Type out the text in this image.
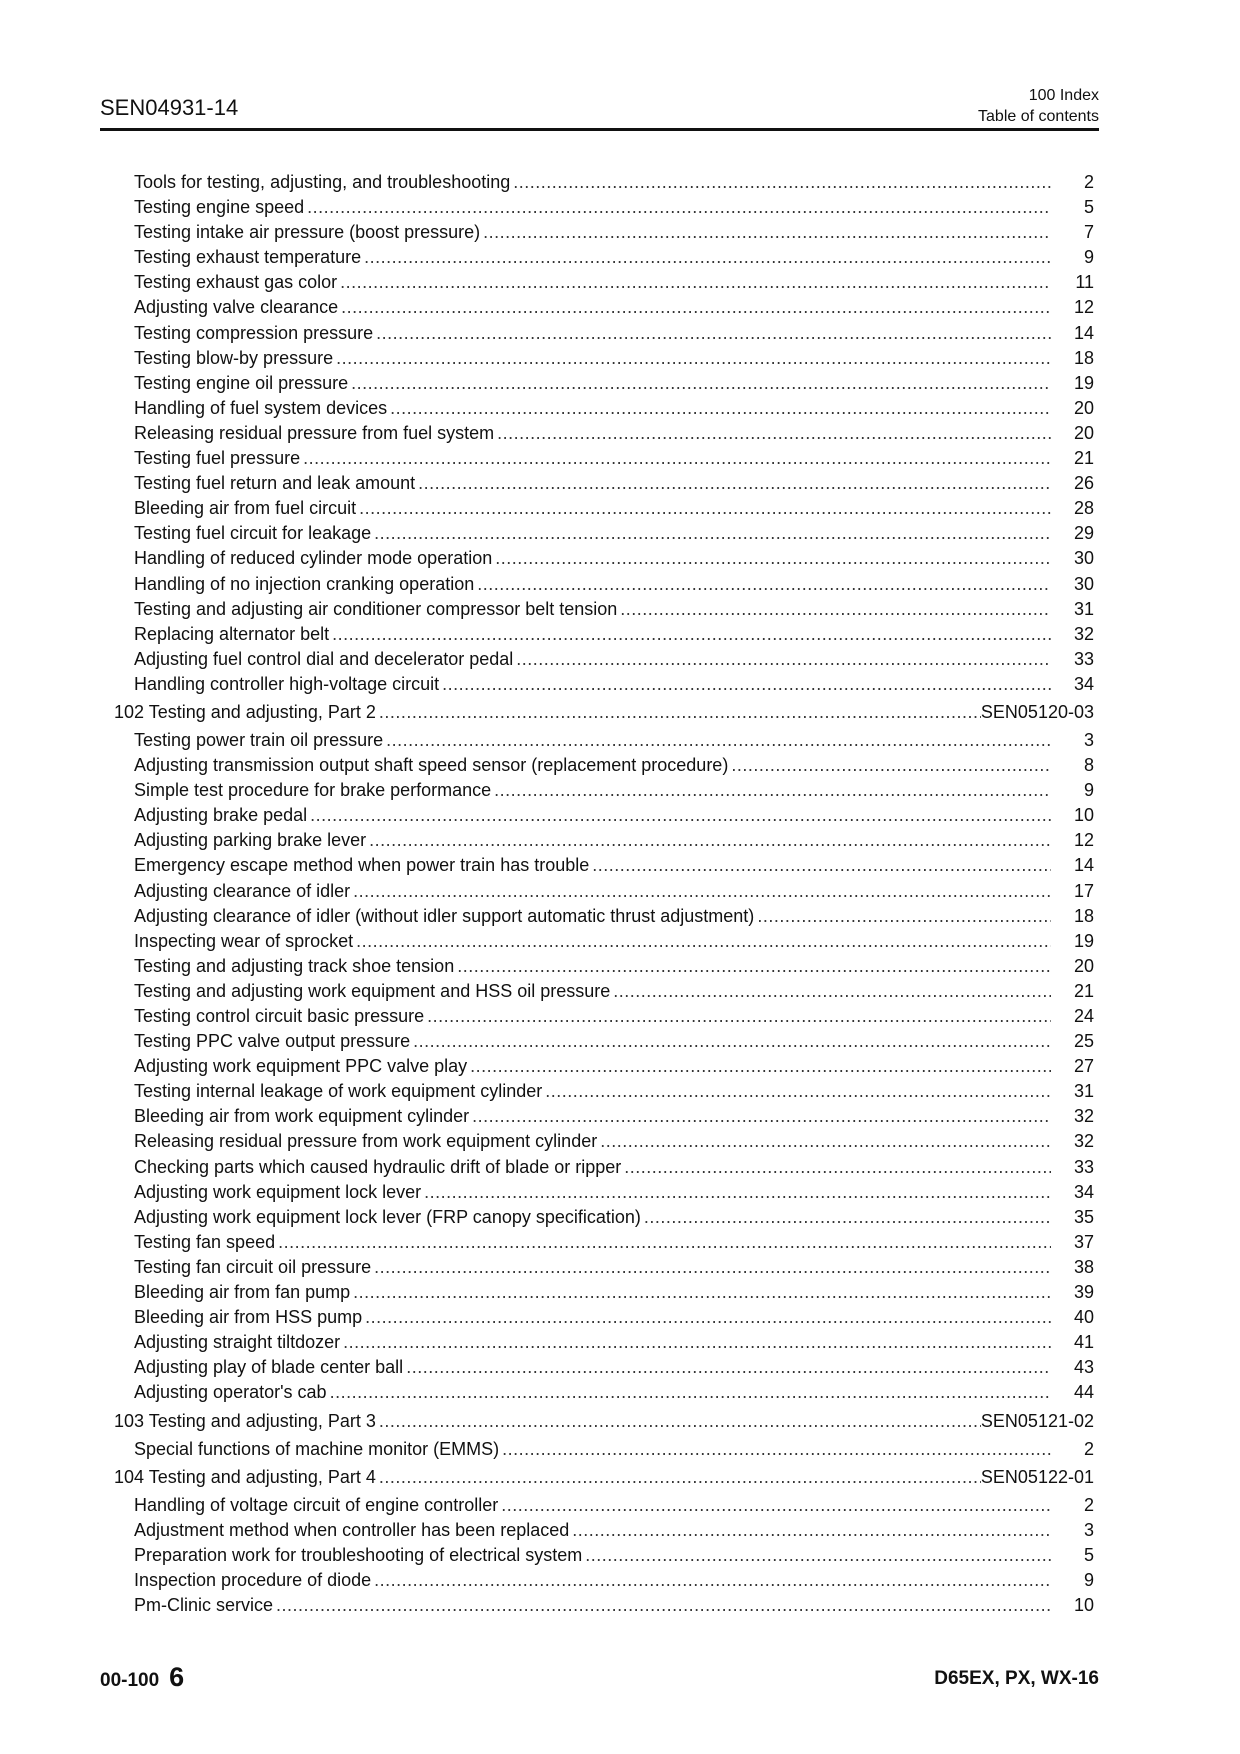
SEN04931-14	100 Index
Table of contents
Tools for testing, adjusting, and troubleshooting .....	2
Testing engine speed .....	5
Testing intake air pressure (boost pressure) .....	7
Testing exhaust temperature .....	9
Testing exhaust gas color .....	11
Adjusting valve clearance .....	12
Testing compression pressure .....	14
Testing blow-by pressure .....	18
Testing engine oil pressure .....	19
Handling of fuel system devices .....	20
Releasing residual pressure from fuel system .....	20
Testing fuel pressure .....	21
Testing fuel return and leak amount .....	26
Bleeding air from fuel circuit .....	28
Testing fuel circuit for leakage .....	29
Handling of reduced cylinder mode operation .....	30
Handling of no injection cranking operation .....	30
Testing and adjusting air conditioner compressor belt tension .....	31
Replacing alternator belt .....	32
Adjusting fuel control dial and decelerator pedal .....	33
Handling controller high-voltage circuit .....	34
102 Testing and adjusting, Part 2 .....	SEN05120-03
Testing power train oil pressure .....	3
Adjusting transmission output shaft speed sensor (replacement procedure) .....	8
Simple test procedure for brake performance .....	9
Adjusting brake pedal .....	10
Adjusting parking brake lever .....	12
Emergency escape method when power train has trouble .....	14
Adjusting clearance of idler .....	17
Adjusting clearance of idler (without idler support automatic thrust adjustment) .....	18
Inspecting wear of sprocket .....	19
Testing and adjusting track shoe tension .....	20
Testing and adjusting work equipment and HSS oil pressure .....	21
Testing control circuit basic pressure .....	24
Testing PPC valve output pressure .....	25
Adjusting work equipment PPC valve play .....	27
Testing internal leakage of work equipment cylinder .....	31
Bleeding air from work equipment cylinder .....	32
Releasing residual pressure from work equipment cylinder .....	32
Checking parts which caused hydraulic drift of blade or ripper .....	33
Adjusting work equipment lock lever .....	34
Adjusting work equipment lock lever (FRP canopy specification) .....	35
Testing fan speed .....	37
Testing fan circuit oil pressure .....	38
Bleeding air from fan pump .....	39
Bleeding air from HSS pump .....	40
Adjusting straight tiltdozer .....	41
Adjusting play of blade center ball .....	43
Adjusting operator's cab .....	44
103 Testing and adjusting, Part 3 .....	SEN05121-02
Special functions of machine monitor (EMMS) .....	2
104 Testing and adjusting, Part 4 .....	SEN05122-01
Handling of voltage circuit of engine controller .....	2
Adjustment method when controller has been replaced .....	3
Preparation work for troubleshooting of electrical system .....	5
Inspection procedure of diode .....	9
Pm-Clinic service .....	10
00-100 6	D65EX, PX, WX-16
